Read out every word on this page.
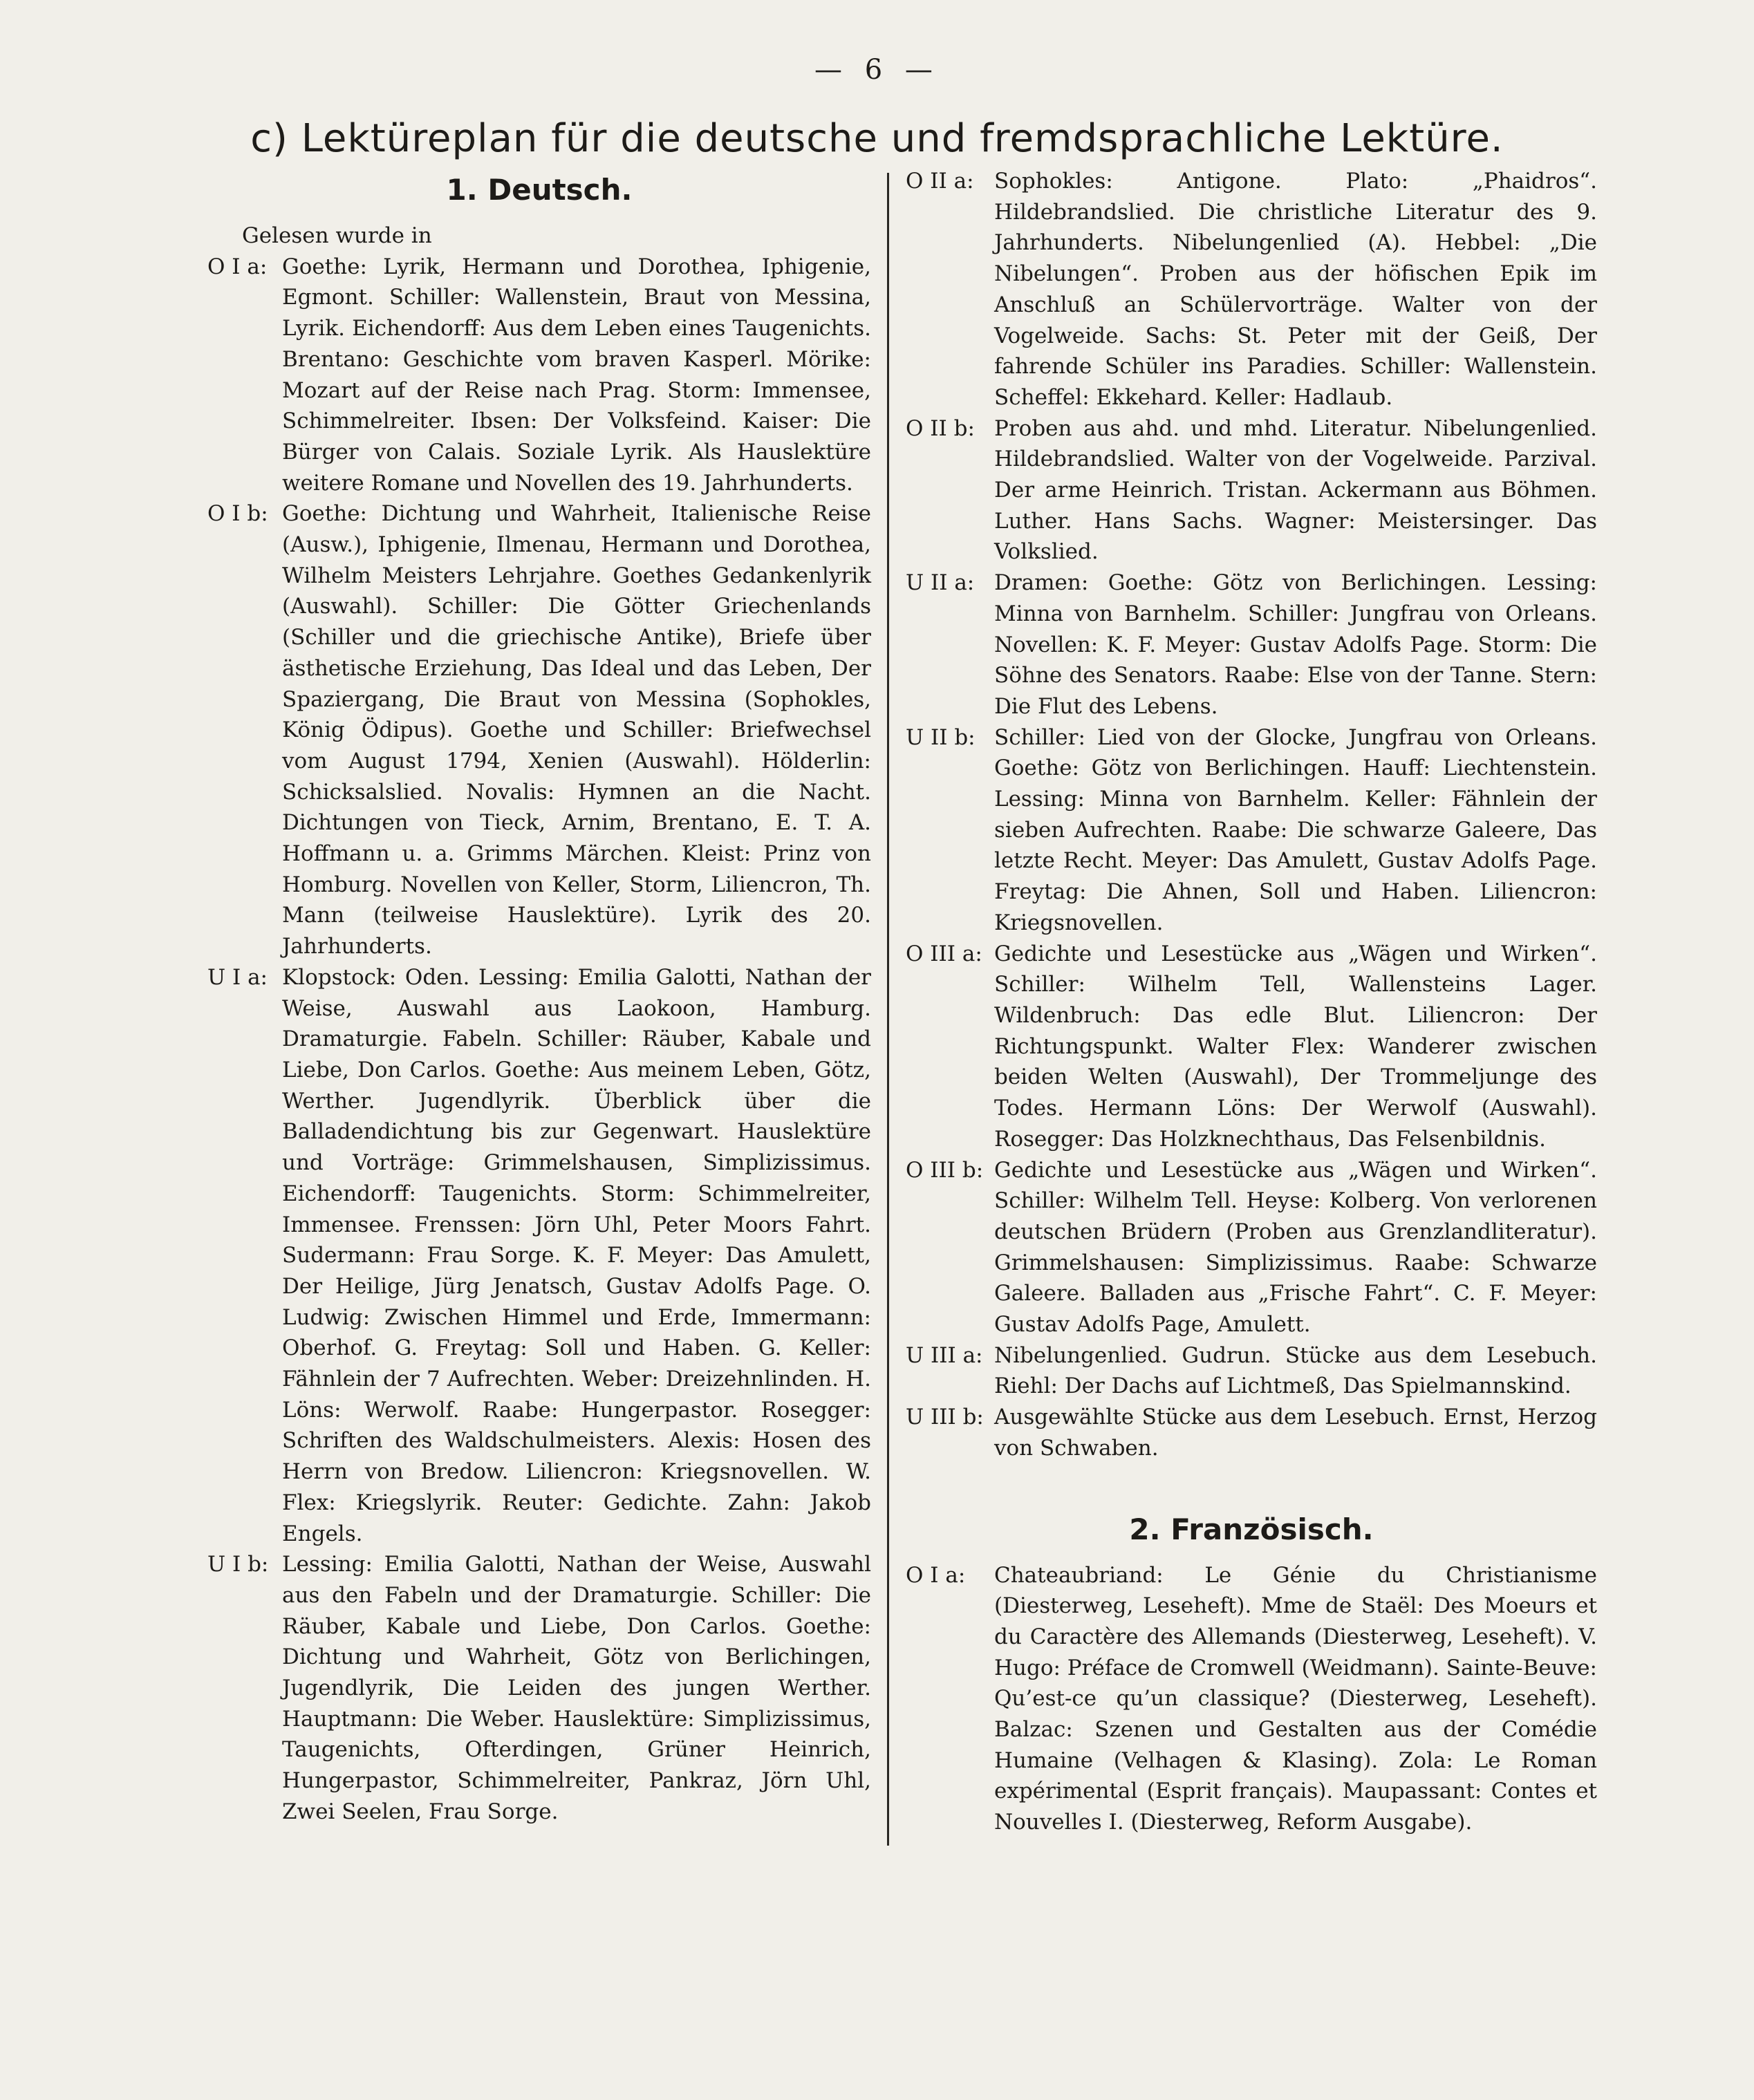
— 6 —
c) Lektüreplan für die deutsche und fremdsprachliche Lektüre.
1. Deutsch.
Gelesen wurde in
O I a: Goethe: Lyrik, Hermann und Dorothea, Iphigenie, Egmont. Schiller: Wallenstein, Braut von Messina, Lyrik. Eichendorff: Aus dem Leben eines Taugenichts. Brentano: Geschichte vom braven Kasperl. Mörike: Mozart auf der Reise nach Prag. Storm: Immensee, Schimmelreiter. Ibsen: Der Volksfeind. Kaiser: Die Bürger von Calais. Soziale Lyrik. Als Hauslektüre weitere Romane und Novellen des 19. Jahrhunderts.
O I b: Goethe: Dichtung und Wahrheit, Italienische Reise (Ausw.), Iphigenie, Ilmenau, Hermann und Dorothea, Wilhelm Meisters Lehrjahre. Goethes Gedankenlyrik (Auswahl). Schiller: Die Götter Griechenlands (Schiller und die griechische Antike), Briefe über ästhetische Erziehung, Das Ideal und das Leben, Der Spaziergang, Die Braut von Messina (Sophokles, König Ödipus). Goethe und Schiller: Briefwechsel vom August 1794, Xenien (Auswahl). Hölderlin: Schicksalslied. Novalis: Hymnen an die Nacht. Dichtungen von Tieck, Arnim, Brentano, E. T. A. Hoffmann u. a. Grimms Märchen. Kleist: Prinz von Homburg. Novellen von Keller, Storm, Liliencron, Th. Mann (teilweise Hauslektüre). Lyrik des 20. Jahrhunderts.
U I a: Klopstock: Oden. Lessing: Emilia Galotti, Nathan der Weise, Auswahl aus Laokoon, Hamburg. Dramaturgie. Fabeln. Schiller: Räuber, Kabale und Liebe, Don Carlos. Goethe: Aus meinem Leben, Götz, Werther. Jugendlyrik. Überblick über die Balladendichtung bis zur Gegenwart. Hauslektüre und Vorträge: Grimmelshausen, Simplizissimus. Eichendorff: Taugenichts. Storm: Schimmelreiter, Immensee. Frenssen: Jörn Uhl, Peter Moors Fahrt. Sudermann: Frau Sorge. K. F. Meyer: Das Amulett, Der Heilige, Jürg Jenatsch, Gustav Adolfs Page. O. Ludwig: Zwischen Himmel und Erde, Immermann: Oberhof. G. Freytag: Soll und Haben. G. Keller: Fähnlein der 7 Aufrechten. Weber: Dreizehnlinden. H. Löns: Werwolf. Raabe: Hungerpastor. Rosegger: Schriften des Waldschulmeisters. Alexis: Hosen des Herrn von Bredow. Liliencron: Kriegsnovellen. W. Flex: Kriegslyrik. Reuter: Gedichte. Zahn: Jakob Engels.
U I b: Lessing: Emilia Galotti, Nathan der Weise, Auswahl aus den Fabeln und der Dramaturgie. Schiller: Die Räuber, Kabale und Liebe, Don Carlos. Goethe: Dichtung und Wahrheit, Götz von Berlichingen, Jugendlyrik, Die Leiden des jungen Werther. Hauptmann: Die Weber. Hauslektüre: Simplizissimus, Taugenichts, Ofterdingen, Grüner Heinrich, Hungerpastor, Schimmelreiter, Pankraz, Jörn Uhl, Zwei Seelen, Frau Sorge.
O II a: Sophokles: Antigone. Plato: „Phaidros“. Hildebrandslied. Die christliche Literatur des 9. Jahrhunderts. Nibelungenlied (A). Hebbel: „Die Nibelungen“. Proben aus der höfischen Epik im Anschluß an Schülervorträge. Walter von der Vogelweide. Sachs: St. Peter mit der Geiß, Der fahrende Schüler ins Paradies. Schiller: Wallenstein. Scheffel: Ekkehard. Keller: Hadlaub.
O II b: Proben aus ahd. und mhd. Literatur. Nibelungenlied. Hildebrandslied. Walter von der Vogelweide. Parzival. Der arme Heinrich. Tristan. Ackermann aus Böhmen. Luther. Hans Sachs. Wagner: Meistersinger. Das Volkslied.
U II a: Dramen: Goethe: Götz von Berlichingen. Lessing: Minna von Barnhelm. Schiller: Jungfrau von Orleans. Novellen: K. F. Meyer: Gustav Adolfs Page. Storm: Die Söhne des Senators. Raabe: Else von der Tanne. Stern: Die Flut des Lebens.
U II b: Schiller: Lied von der Glocke, Jungfrau von Orleans. Goethe: Götz von Berlichingen. Hauff: Liechtenstein. Lessing: Minna von Barnhelm. Keller: Fähnlein der sieben Aufrechten. Raabe: Die schwarze Galeere, Das letzte Recht. Meyer: Das Amulett, Gustav Adolfs Page. Freytag: Die Ahnen, Soll und Haben. Liliencron: Kriegsnovellen.
O III a: Gedichte und Lesestücke aus „Wägen und Wirken“. Schiller: Wilhelm Tell, Wallensteins Lager. Wildenbruch: Das edle Blut. Liliencron: Der Richtungspunkt. Walter Flex: Wanderer zwischen beiden Welten (Auswahl), Der Trommeljunge des Todes. Hermann Löns: Der Werwolf (Auswahl). Rosegger: Das Holzknechthaus, Das Felsenbildnis.
O III b: Gedichte und Lesestücke aus „Wägen und Wirken“. Schiller: Wilhelm Tell. Heyse: Kolberg. Von verlorenen deutschen Brüdern (Proben aus Grenzlandliteratur). Grimmelshausen: Simplizissimus. Raabe: Schwarze Galeere. Balladen aus „Frische Fahrt“. C. F. Meyer: Gustav Adolfs Page, Amulett.
U III a: Nibelungenlied. Gudrun. Stücke aus dem Lesebuch. Riehl: Der Dachs auf Lichtmeß, Das Spielmannskind.
U III b: Ausgewählte Stücke aus dem Lesebuch. Ernst, Herzog von Schwaben.
2. Französisch.
O I a:	Chateaubriand: Le Génie du Christianisme (Diesterweg, Leseheft). Mme de Staël: Des Moeurs et du Caractère des Allemands (Diesterweg, Leseheft). V. Hugo: Préface de Cromwell (Weidmann). Sainte-Beuve: Qu’est-ce qu’un classique? (Diesterweg, Leseheft). Balzac: Szenen und Gestalten aus der Comédie Humaine (Velhagen & Klasing). Zola: Le Roman expérimental (Esprit français). Maupassant: Contes et Nouvelles I. (Diesterweg, Reform Ausgabe).
